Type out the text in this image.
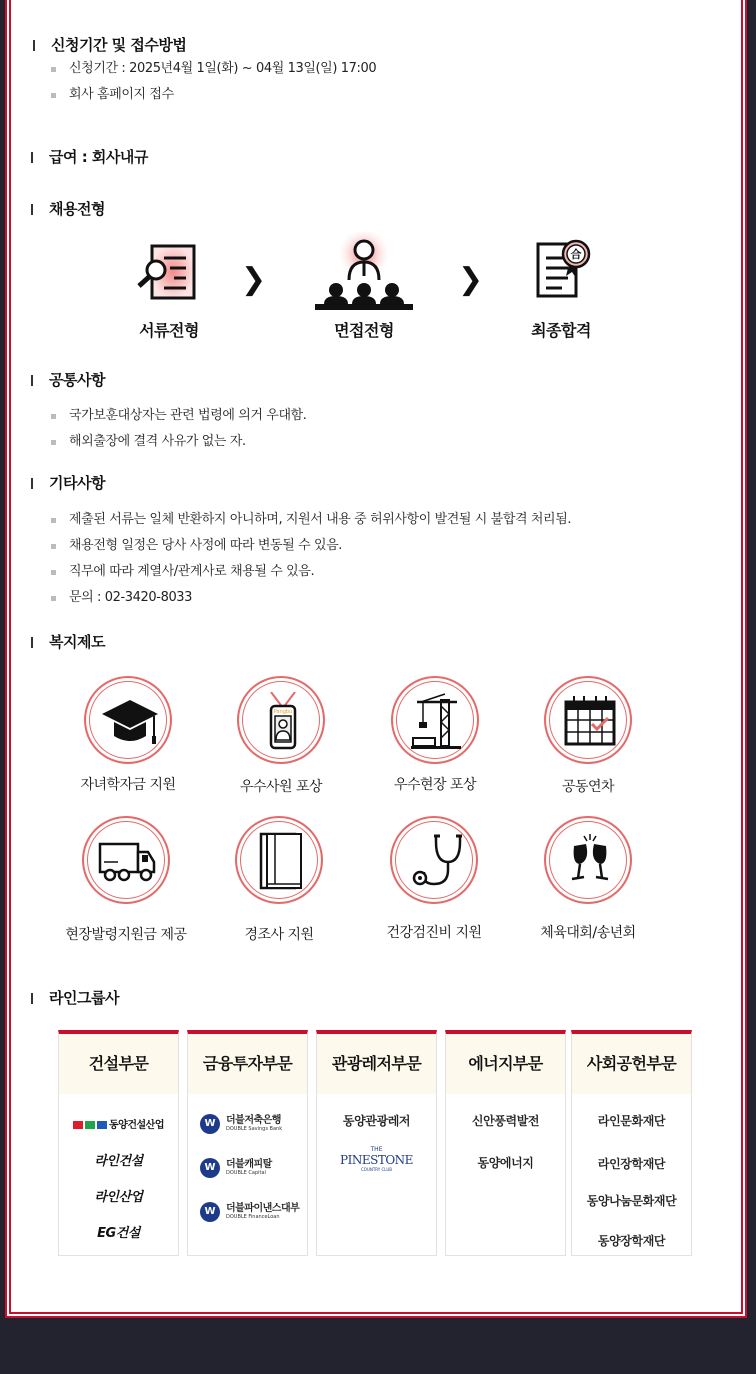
신청기간 및 접수방법
신청기간 : 2025년4월 1일(화) ~ 04월 13일(일) 17:00
회사 홈페이지 접수
급여 : 회사내규
채용전형
서류전형
❯
면접전형
❯
合
최종합격
공통사항
국가보훈대상자는 관련 법령에 의거 우대함.
해외출장에 결격 사유가 없는 자.
기타사항
제출된 서류는 일체 반환하지 아니하며, 지원서 내용 중 허위사항이 발견될 시 불합격 처리됨.
채용전형 일정은 당사 사정에 따라 변동될 수 있음.
직무에 따라 계열사/관계사로 채용될 수 있음.
문의 : 02-3420-8033
복지제도
자녀학자금 지원
Pangbu
우수사원 포상	우수현장 포상	공동연차
현장발령지원금 제공	경조사 지원	건강검진비 지원	체육대회/송년회
라인그룹사
건설부문
동양건설산업
라인건설
라인산업
EG건설
금융투자부문
W	더블저축은행
DOUBLE Savings Bank
W	더블캐피탈
DOUBLE Capital
W	더블파이낸스대부
DOUBLE FinanceLoan
관광레저부문
동양관광레저
THE
PINESTONE
COUNTRY CLUB
에너지부문
신안풍력발전
동양에너지
사회공헌부문
라인문화재단
라인장학재단
동양나눔문화재단
동양장학재단
